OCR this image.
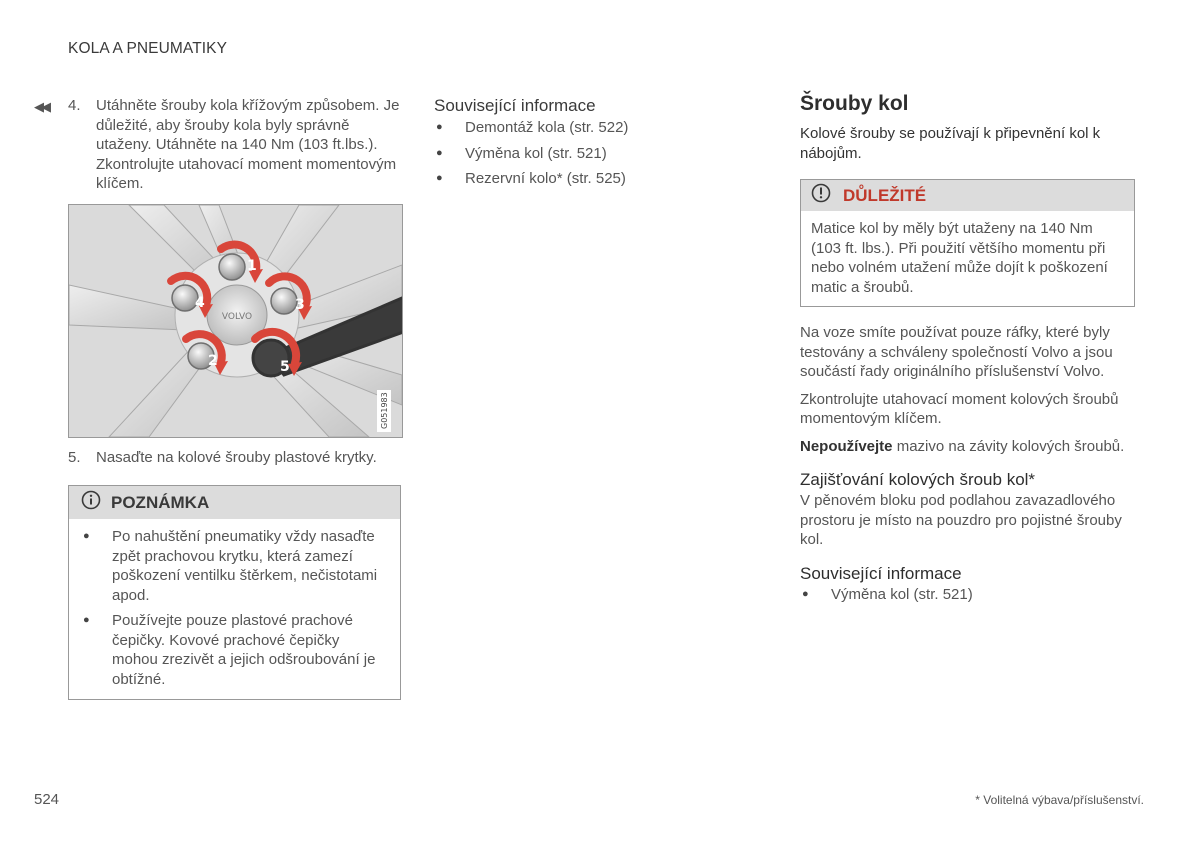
KOLA A PNEUMATIKY
◀◀	4.	Utáhněte šrouby kola křížovým způsobem. Je důležité, aby šrouby kola byly správně utaženy. Utáhněte na 140 Nm (103 ft.lbs.). Zkontrolujte utahovací moment momentovým klíčem.
VOLVO
1
2
3
4
5
G051983
5.	Nasaďte na kolové šrouby plastové krytky.
POZNÁMKA
●	Po nahuštění pneumatiky vždy nasaďte zpět prachovou krytku, která zamezí poškození ventilku štěrkem, nečistotami apod.
●	Používejte pouze plastové prachové čepičky. Kovové prachové čepičky mohou zrezivět a jejich odšroubování je obtížné.
Související informace
●	Demontáž kola (str. 522)
●	Výměna kol (str. 521)
●	Rezervní kolo* (str. 525)
Šrouby kol

Kolové šrouby se používají k připevnění kol k nábojům.

DŮLEŽITÉ

Matice kol by měly být utaženy na 140 Nm (103 ft. lbs.). Při použití většího momentu při nebo volném utažení může dojít k poškození matic a šroubů.

Na voze smíte používat pouze ráfky, které byly testovány a schváleny společností Volvo a jsou součástí řady originálního příslušenství Volvo.

Zkontrolujte utahovací moment kolových šroubů momentovým klíčem.

Nepoužívejte mazivo na závity kolových šroubů.

Zajišťování kolových šroub kol*

V pěnovém bloku pod podlahou zavazadlového prostoru je místo na pouzdro pro pojistné šrouby kol.

Související informace
●	Výměna kol (str. 521)
524	* Volitelná výbava/příslušenství.
